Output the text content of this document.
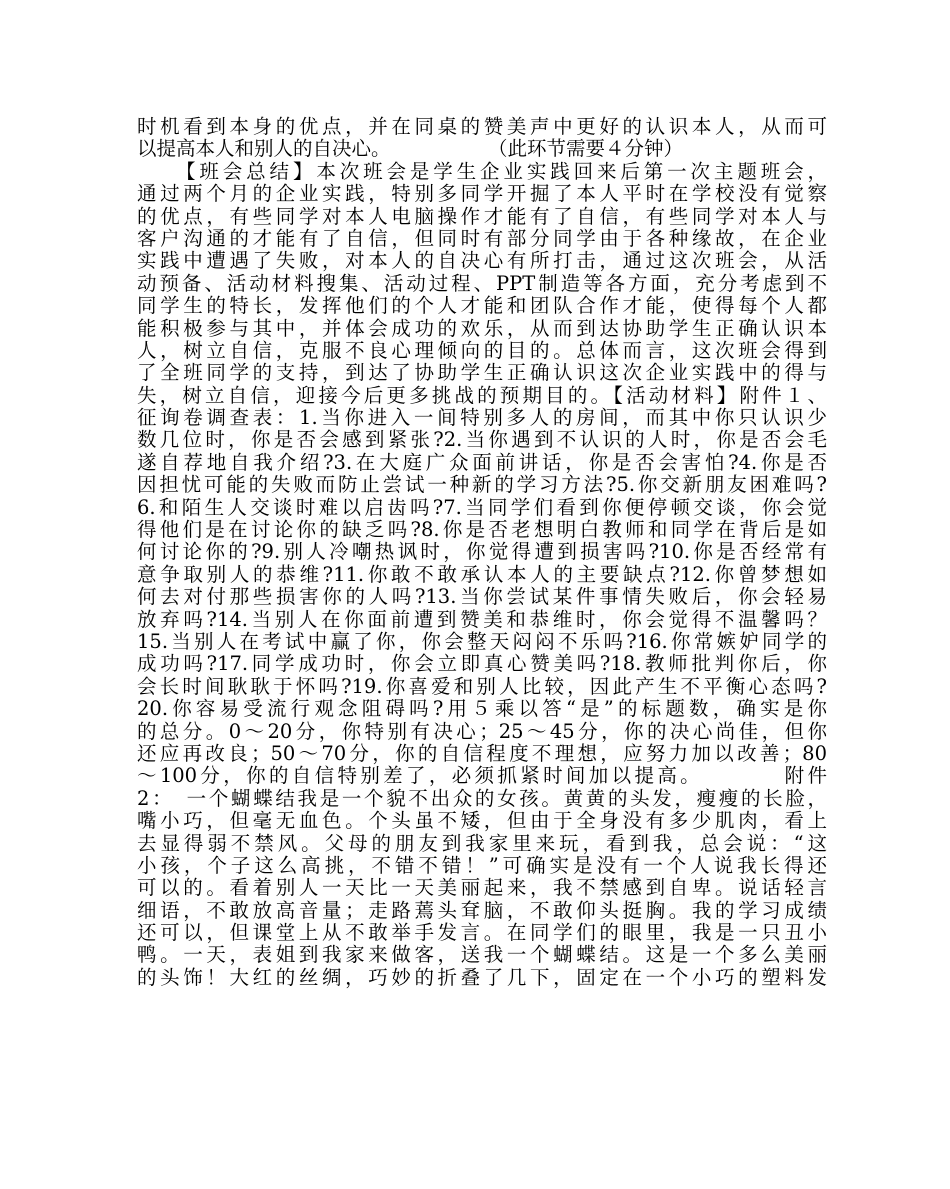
时机看到本身的优点，并在同桌的赞美声中更好的认识本人，从而可
以提高本人和别人的自决心。　　　　　　（此环节需要４分钟）
【班会总结】本次班会是学生企业实践回来后第一次主题班会，
通过两个月的企业实践，特别多同学开掘了本人平时在学校没有觉察
的优点，有些同学对本人电脑操作才能有了自信，有些同学对本人与
客户沟通的才能有了自信，但同时有部分同学由于各种缘故，在企业
实践中遭遇了失败，对本人的自决心有所打击，通过这次班会，从活
动预备、活动材料搜集、活动过程、PPT制造等各方面，充分考虑到不
同学生的特长，发挥他们的个人才能和团队合作才能，使得每个人都
能积极参与其中，并体会成功的欢乐，从而到达协助学生正确认识本
人，树立自信，克服不良心理倾向的目的。总体而言，这次班会得到
了全班同学的支持，到达了协助学生正确认识这次企业实践中的得与
失，树立自信，迎接今后更多挑战的预期目的。【活动材料】附件１、
征询卷调查表：1.当你进入一间特别多人的房间，而其中你只认识少
数几位时，你是否会感到紧张?2.当你遇到不认识的人时，你是否会毛
遂自荐地自我介绍?3.在大庭广众面前讲话，你是否会害怕?4.你是否
因担忧可能的失败而防止尝试一种新的学习方法?5.你交新朋友困难吗?
6.和陌生人交谈时难以启齿吗?7.当同学们看到你便停顿交谈，你会觉
得他们是在讨论你的缺乏吗?8.你是否老想明白教师和同学在背后是如
何讨论你的?9.别人冷嘲热讽时，你觉得遭到损害吗?10.你是否经常有
意争取别人的恭维?11.你敢不敢承认本人的主要缺点?12.你曾梦想如
何去对付那些损害你的人吗?13.当你尝试某件事情失败后，你会轻易
放弃吗?14.当别人在你面前遭到赞美和恭维时，你会觉得不温馨吗？
15.当别人在考试中赢了你，你会整天闷闷不乐吗?16.你常嫉妒同学的
成功吗?17.同学成功时，你会立即真心赞美吗?18.教师批判你后，你
会长时间耿耿于怀吗?19.你喜爱和别人比较，因此产生不平衡心态吗?
20.你容易受流行观念阻碍吗?用５乘以答“是”的标题数，确实是你
的总分。0～20分，你特别有决心；25～45分，你的决心尚佳，但你
还应再改良；50～70分，你的自信程度不理想，应努力加以改善；80
～100分，你的自信特别差了，必须抓紧时间加以提高。　　　　附件
2：　一个蝴蝶结我是一个貌不出众的女孩。黄黄的头发，瘦瘦的长脸，
嘴小巧，但毫无血色。个头虽不矮，但由于全身没有多少肌肉，看上
去显得弱不禁风。父母的朋友到我家里来玩，看到我，总会说：“这
小孩，个子这么高挑，不错不错！”可确实是没有一个人说我长得还
可以的。看着别人一天比一天美丽起来，我不禁感到自卑。说话轻言
细语，不敢放高音量；走路蔫头耷脑，不敢仰头挺胸。我的学习成绩
还可以，但课堂上从不敢举手发言。在同学们的眼里，我是一只丑小
鸭。一天，表姐到我家来做客，送我一个蝴蝶结。这是一个多么美丽
的头饰！大红的丝绸，巧妙的折叠了几下，固定在一个小巧的塑料发
